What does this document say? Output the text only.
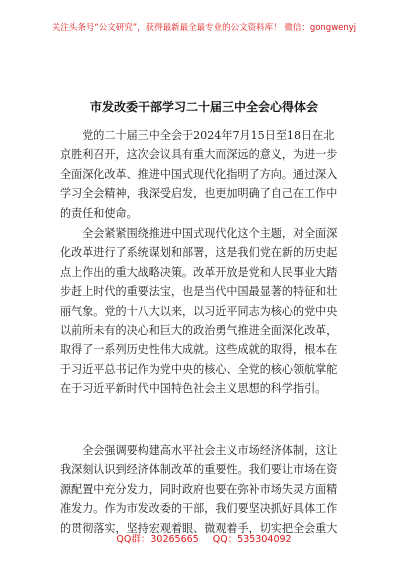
关注头条号“公文研究”，获得最新最全最专业的公文资料库！ 微信：gongwenyj
市发改委干部学习二十届三中全会心得体会
　　党的二十届三中全会于2024年7月15日至18日在北
京胜利召开，这次会议具有重大而深远的意义，为进一步
全面深化改革、推进中国式现代化指明了方向。通过深入
学习全会精神，我深受启发，也更加明确了自己在工作中
的责任和使命。
　　全会紧紧围绕推进中国式现代化这个主题，对全面深
化改革进行了系统谋划和部署，这是我们党在新的历史起
点上作出的重大战略决策。改革开放是党和人民事业大踏
步赶上时代的重要法宝，也是当代中国最显著的特征和壮
丽气象。党的十八大以来，以习近平同志为核心的党中央
以前所未有的决心和巨大的政治勇气推进全面深化改革，
取得了一系列历史性伟大成就。这些成就的取得，根本在
于习近平总书记作为党中央的核心、全党的核心领航掌舵
在于习近平新时代中国特色社会主义思想的科学指引。
　　全会强调要构建高水平社会主义市场经济体制，这让
我深刻认识到经济体制改革的重要性。我们要让市场在资
源配置中充分发力，同时政府也要在弥补市场失灵方面精
准发力。作为市发改委的干部，我们要坚决抓好具体工作
的贯彻落实，坚持宏观着眼、微观着手，切实把全会重大
QQ群：30265665 QQ：535304092
